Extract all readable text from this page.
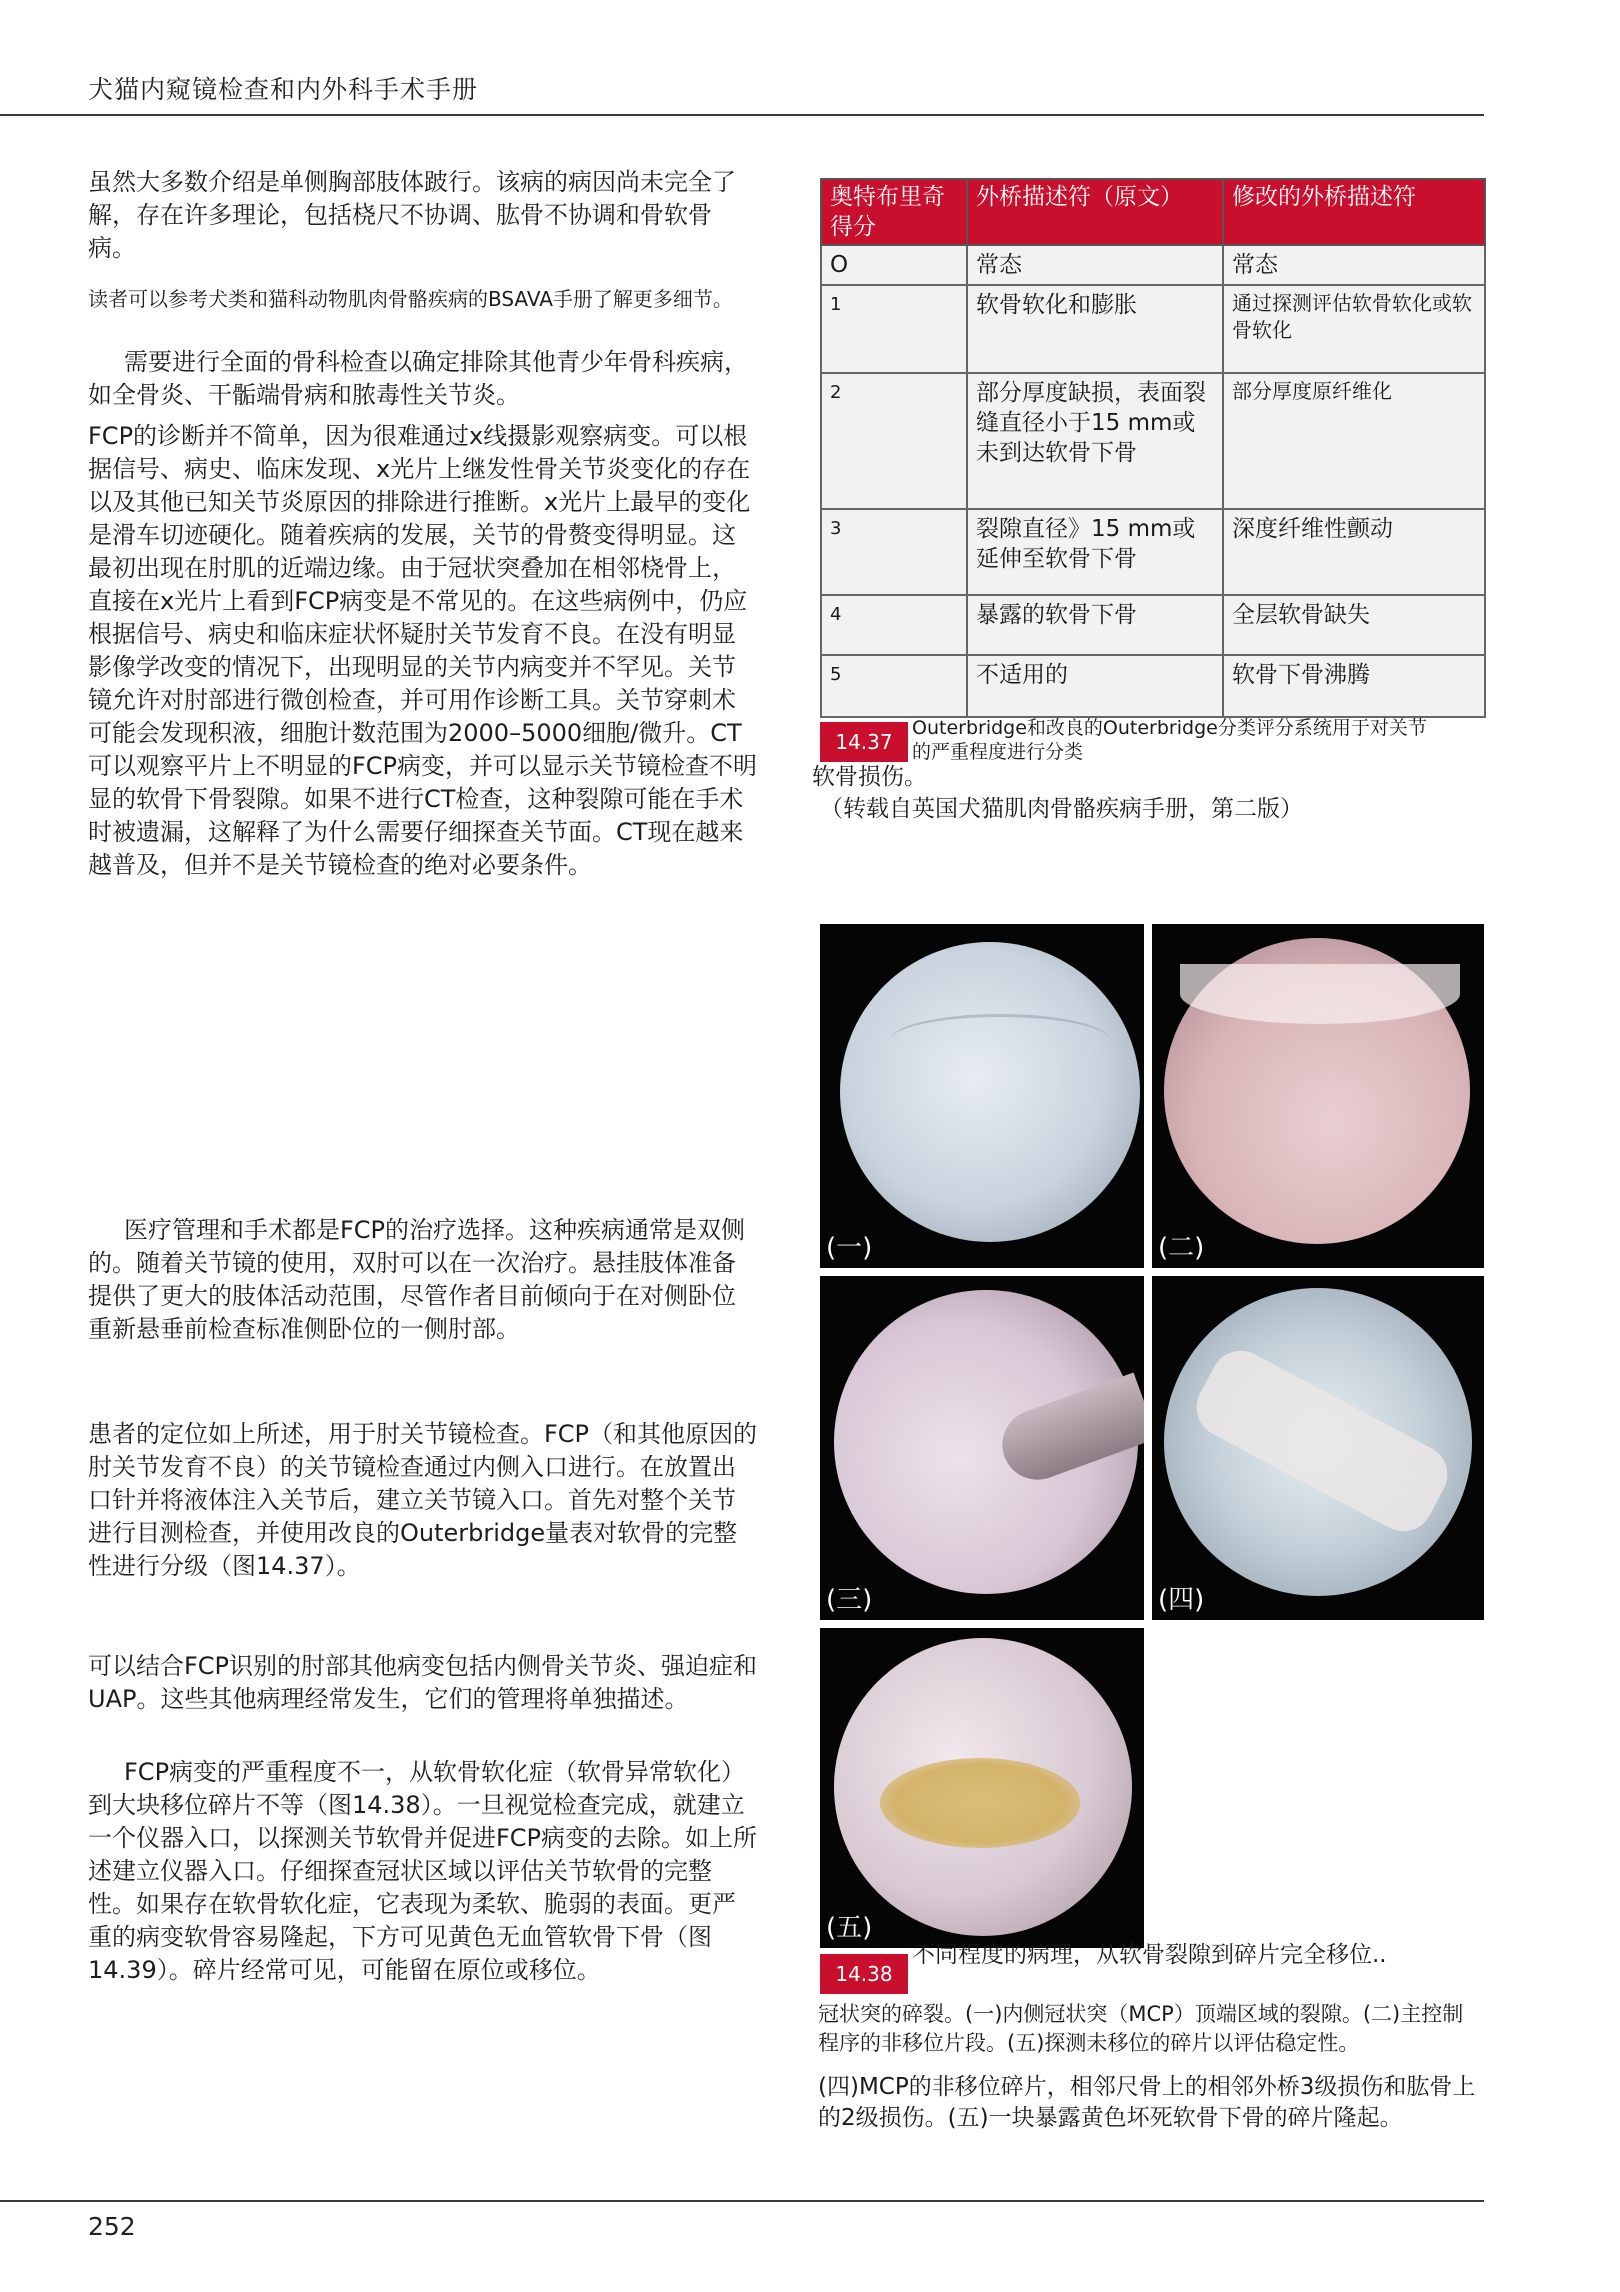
犬猫内窥镜检查和内外科手术手册

虽然大多数介绍是单侧胸部肢体跛行。该病的病因尚未完全了解，存在许多理论，包括桡尺不协调、肱骨不协调和骨软骨病。

读者可以参考犬类和猫科动物肌肉骨骼疾病的BSAVA手册了解更多细节。

需要进行全面的骨科检查以确定排除其他青少年骨科疾病，如全骨炎、干骺端骨病和脓毒性关节炎。

FCP的诊断并不简单，因为很难通过x线摄影观察病变。可以根据信号、病史、临床发现、x光片上继发性骨关节炎变化的存在以及其他已知关节炎原因的排除进行推断。x光片上最早的变化是滑车切迹硬化。随着疾病的发展，关节的骨赘变得明显。这最初出现在肘肌的近端边缘。由于冠状突叠加在相邻桡骨上，直接在x光片上看到FCP病变是不常见的。在这些病例中，仍应根据信号、病史和临床症状怀疑肘关节发育不良。在没有明显影像学改变的情况下，出现明显的关节内病变并不罕见。关节镜允许对肘部进行微创检查，并可用作诊断工具。关节穿刺术可能会发现积液，细胞计数范围为2000–5000细胞/微升。CT可以观察平片上不明显的FCP病变，并可以显示关节镜检查不明显的软骨下骨裂隙。如果不进行CT检查，这种裂隙可能在手术时被遗漏，这解释了为什么需要仔细探查关节面。CT现在越来越普及，但并不是关节镜检查的绝对必要条件。

医疗管理和手术都是FCP的治疗选择。这种疾病通常是双侧的。随着关节镜的使用，双肘可以在一次治疗。悬挂肢体准备提供了更大的肢体活动范围，尽管作者目前倾向于在对侧卧位重新悬垂前检查标准侧卧位的一侧肘部。

患者的定位如上所述，用于肘关节镜检查。FCP（和其他原因的肘关节发育不良）的关节镜检查通过内侧入口进行。在放置出口针并将液体注入关节后，建立关节镜入口。首先对整个关节进行目测检查，并使用改良的Outerbridge量表对软骨的完整性进行分级（图14.37）。

可以结合FCP识别的肘部其他病变包括内侧骨关节炎、强迫症和UAP。这些其他病理经常发生，它们的管理将单独描述。

FCP病变的严重程度不一，从软骨软化症（软骨异常软化）到大块移位碎片不等（图14.38）。一旦视觉检查完成，就建立一个仪器入口，以探测关节软骨并促进FCP病变的去除。如上所述建立仪器入口。仔细探查冠状区域以评估关节软骨的完整性。如果存在软骨软化症，它表现为柔软、脆弱的表面。更严重的病变软骨容易隆起，下方可见黄色无血管软骨下骨（图14.39）。碎片经常可见，可能留在原位或移位。

奥特布里奇得分	外桥描述符（原文）	修改的外桥描述符
O	常态	常态
1	软骨软化和膨胀	通过探测评估软骨软化或软骨软化
2	部分厚度缺损，表面裂缝直径小于15 mm或未到达软骨下骨	部分厚度原纤维化
3	裂隙直径》15 mm或延伸至软骨下骨	深度纤维性颤动
4	暴露的软骨下骨	全层软骨缺失
5	不适用的	软骨下骨沸腾
14.37

Outerbridge和改良的Outerbridge分类评分系统用于对关节的严重程度进行分类

软骨损伤。

（转载自英国犬猫肌肉骨骼疾病手册，第二版）

(一)	(二)
(三)	(四)
(五)
14.38

不同程度的病理，从软骨裂隙到碎片完全移位..

冠状突的碎裂。(一)内侧冠状突（MCP）顶端区域的裂隙。(二)主控制程序的非移位片段。(五)探测未移位的碎片以评估稳定性。

(四)MCP的非移位碎片，相邻尺骨上的相邻外桥3级损伤和肱骨上的2级损伤。(五)一块暴露黄色坏死软骨下骨的碎片隆起。

252
